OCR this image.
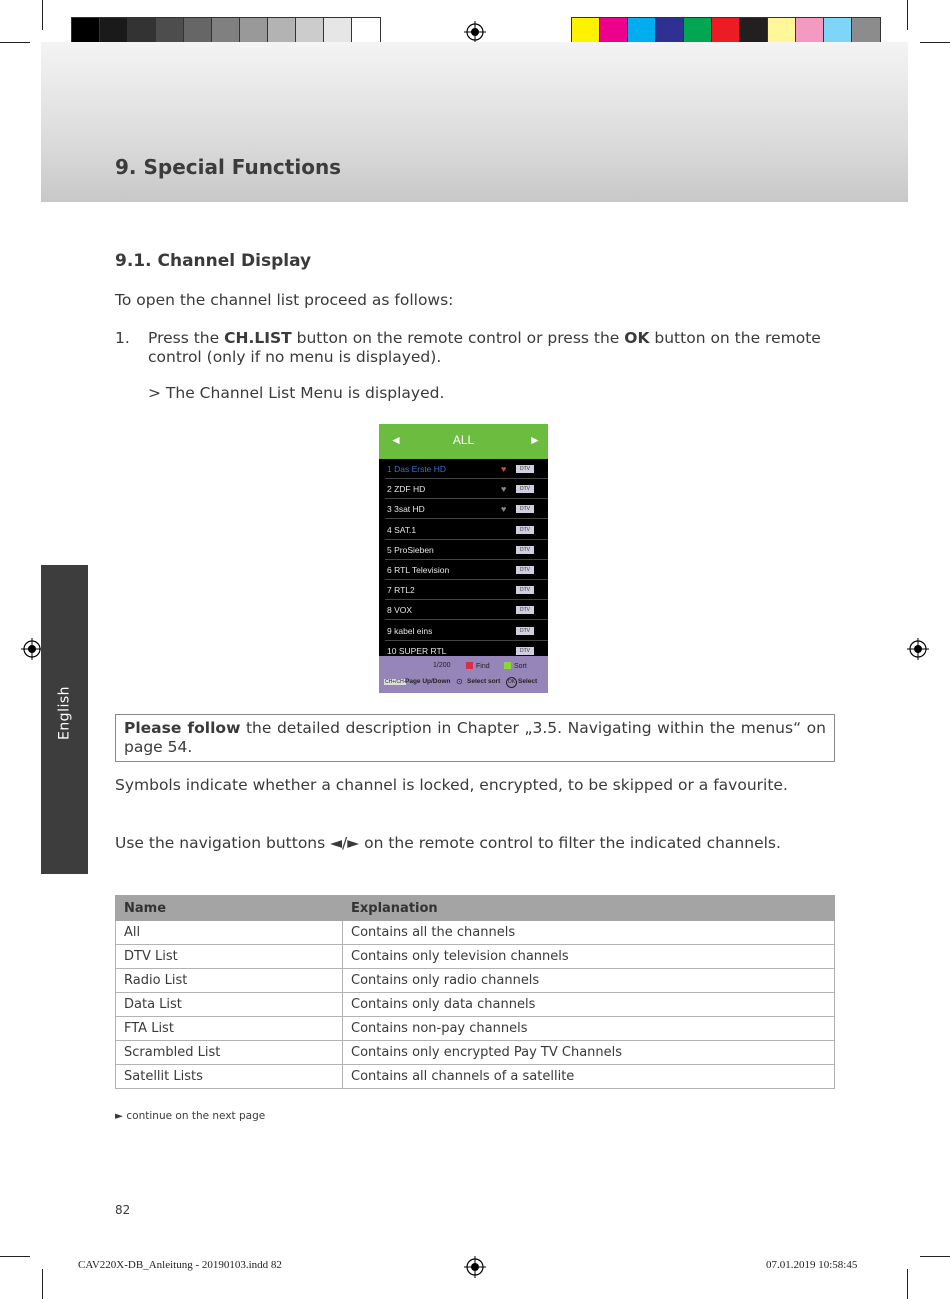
9. Special Functions
English
9.1. Channel Display
To open the channel list proceed as follows:
1. Press the CH.LIST button on the remote control or press the OK button on the remote control (only if no menu is displayed).
> The Channel List Menu is displayed.
◄	ALL	►
1 Das Erste HD	♥	DTV
2 ZDF HD	♥	DTV
3 3sat HD	♥	DTV
4 SAT.1	DTV
5 ProSieben	DTV
6 RTL Television	DTV
7 RTL2	DTV
8 VOX	DTV
9 kabel eins	DTV
10 SUPER RTL	DTV
1/200	Find	Sort
CH+/CH- Page Up/Down ⊙ Select sort	OK Select
Please follow the detailed description in Chapter „3.5. Navigating within the menus“ on page 54.
Symbols indicate whether a channel is locked, encrypted, to be skipped or a favourite.
Use the navigation buttons ◄/► on the remote control to filter the indicated channels.
Name	Explanation
All	Contains all the channels
DTV List	Contains only television channels
Radio List	Contains only radio channels
Data List	Contains only data channels
FTA List	Contains non-pay channels
Scrambled List	Contains only encrypted Pay TV Channels
Satellit Lists	Contains all channels of a satellite
► continue on the next page
82
CAV220X-DB_Anleitung - 20190103.indd 82	07.01.2019 10:58:45
